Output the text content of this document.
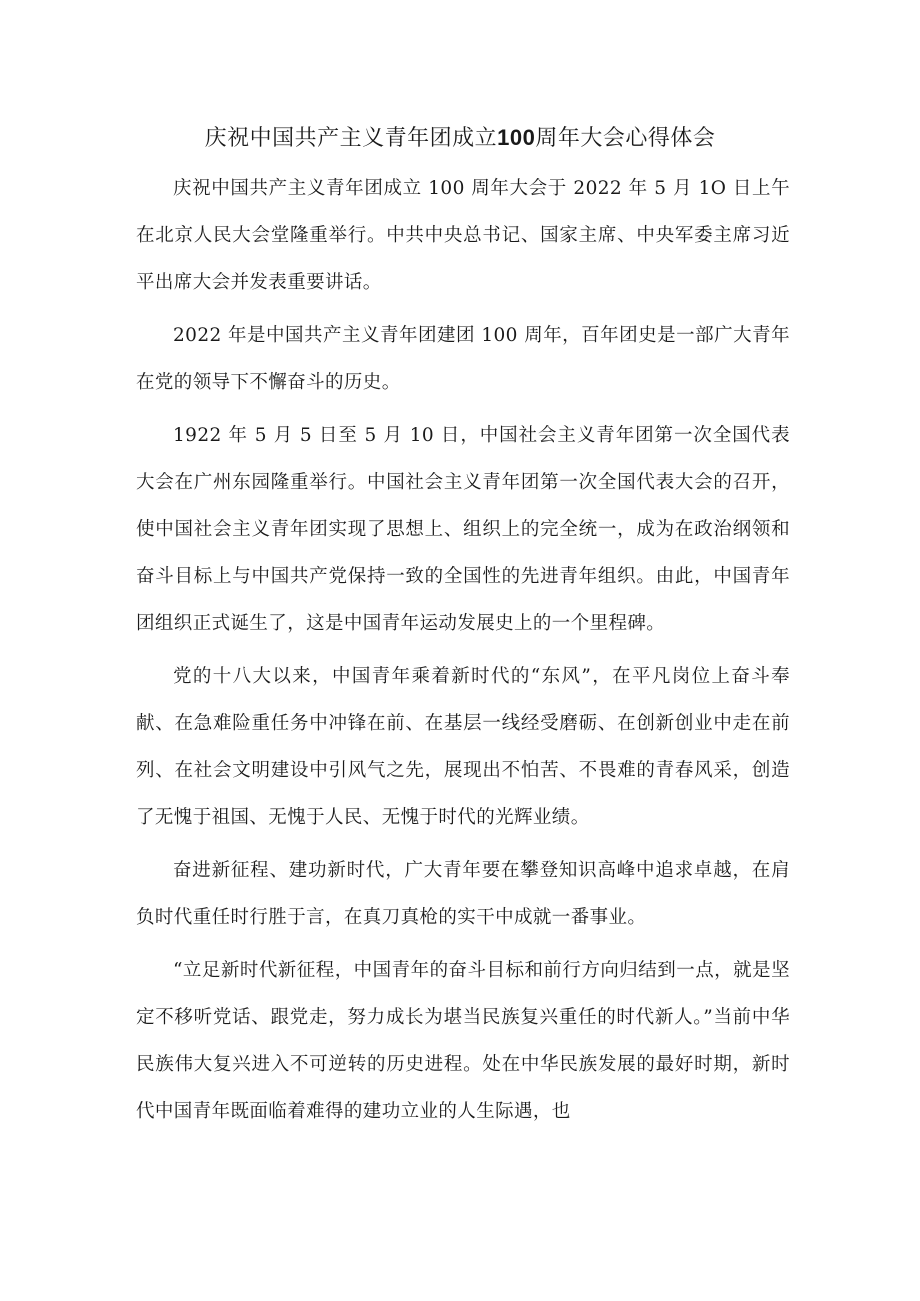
庆祝中国共产主义青年团成立100周年大会心得体会

庆祝中国共产主义青年团成立 100 周年大会于 2022 年 5 月 1O 日上午在北京人民大会堂隆重举行。中共中央总书记、国家主席、中央军委主席习近平出席大会并发表重要讲话。

2022 年是中国共产主义青年团建团 100 周年，百年团史是一部广大青年在党的领导下不懈奋斗的历史。

1922 年 5 月 5 日至 5 月 10 日，中国社会主义青年团第一次全国代表大会在广州东园隆重举行。中国社会主义青年团第一次全国代表大会的召开，使中国社会主义青年团实现了思想上、组织上的完全统一，成为在政治纲领和奋斗目标上与中国共产党保持一致的全国性的先进青年组织。由此，中国青年团组织正式诞生了，这是中国青年运动发展史上的一个里程碑。

党的十八大以来，中国青年乘着新时代的“东风”，在平凡岗位上奋斗奉献、在急难险重任务中冲锋在前、在基层一线经受磨砺、在创新创业中走在前列、在社会文明建设中引风气之先，展现出不怕苦、不畏难的青春风采，创造了无愧于祖国、无愧于人民、无愧于时代的光辉业绩。

奋进新征程、建功新时代，广大青年要在攀登知识高峰中追求卓越，在肩负时代重任时行胜于言，在真刀真枪的实干中成就一番事业。

“立足新时代新征程，中国青年的奋斗目标和前行方向归结到一点，就是坚定不移听党话、跟党走，努力成长为堪当民族复兴重任的时代新人。”当前中华民族伟大复兴进入不可逆转的历史进程。处在中华民族发展的最好时期，新时代中国青年既面临着难得的建功立业的人生际遇，也
